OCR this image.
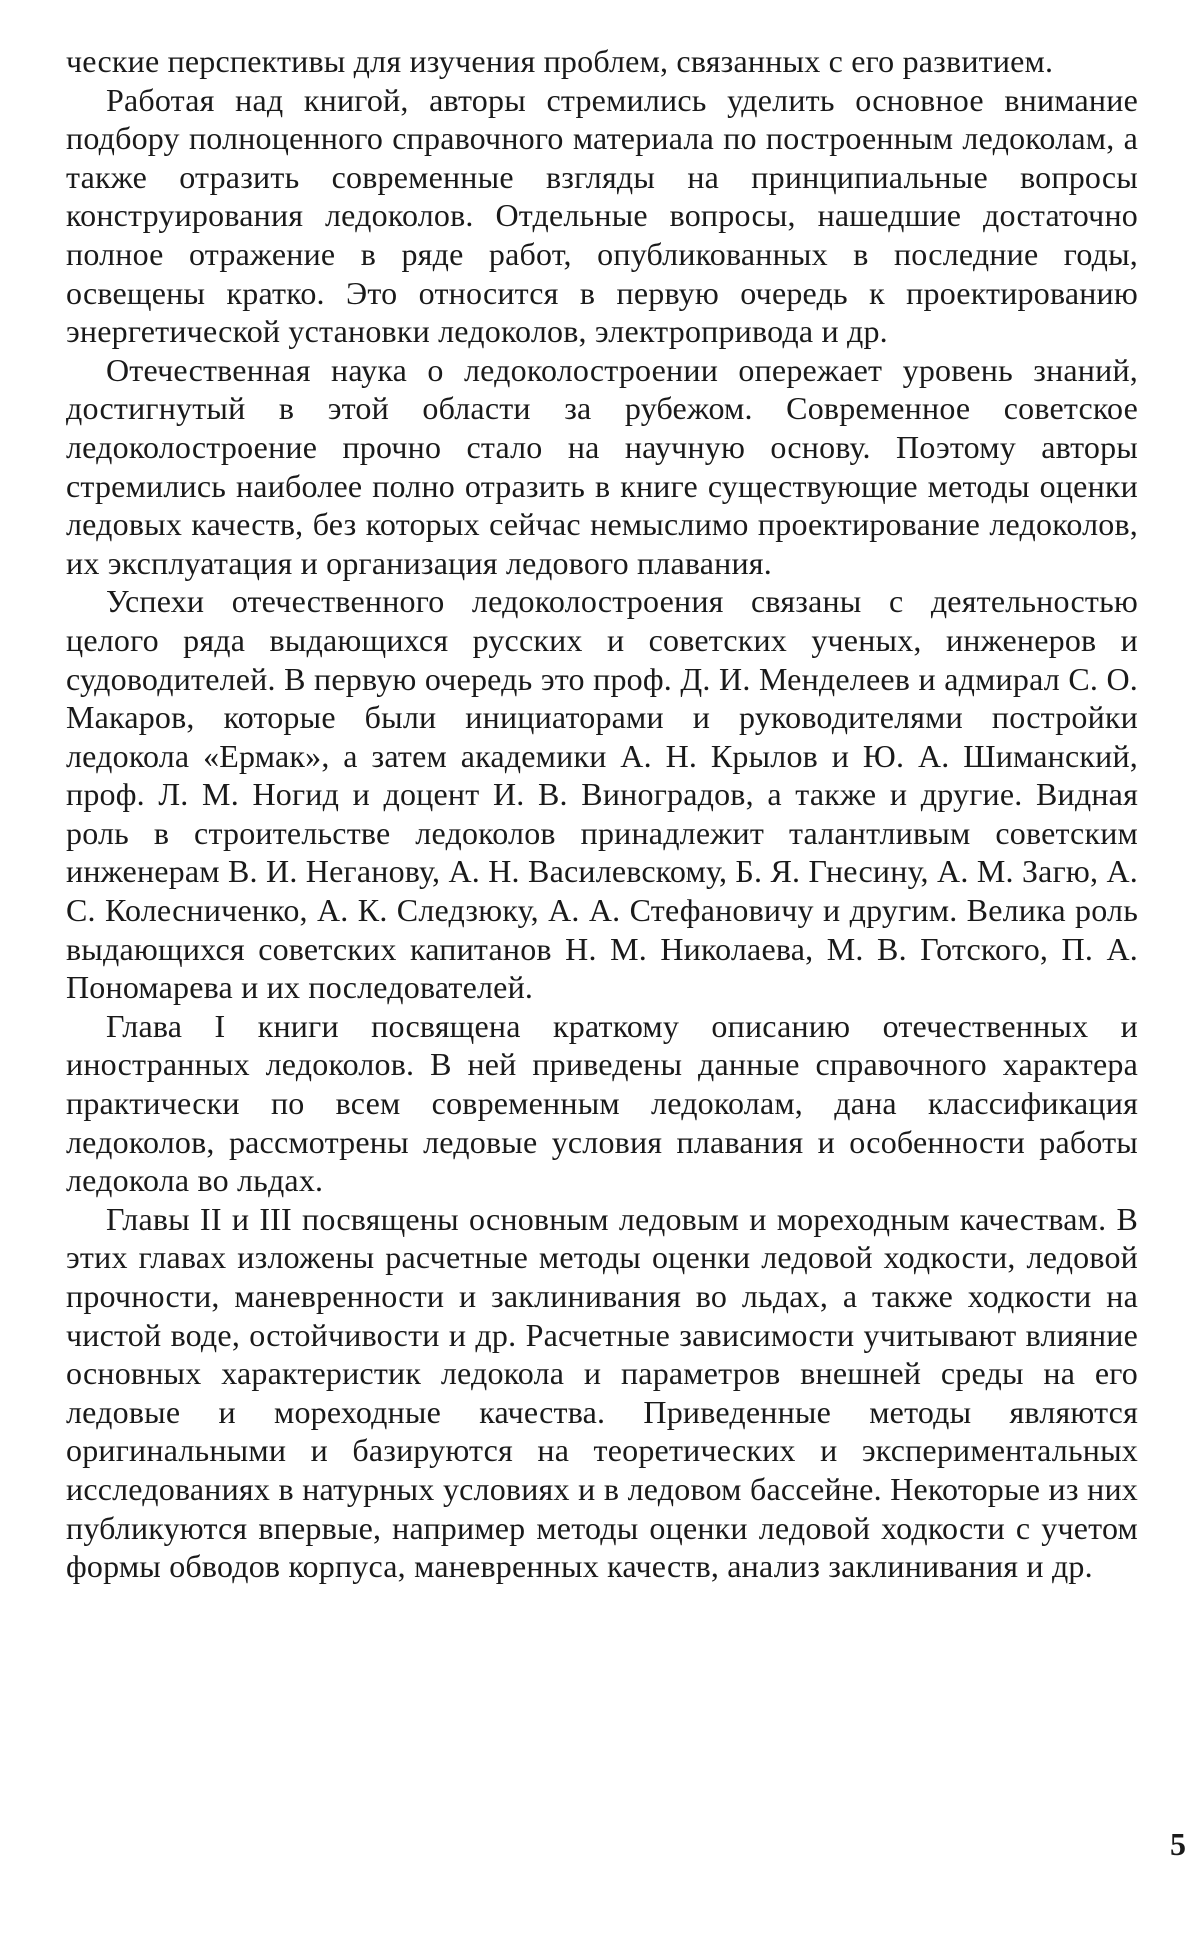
ческие перспективы для изучения проблем, связанных с его развитием.

Работая над книгой, авторы стремились уделить основное внимание подбору полноценного справочного материала по построенным ледоколам, а также отразить современные взгляды на принципиальные вопросы конструирования ледоколов. Отдельные вопросы, нашедшие достаточно полное отражение в ряде работ, опубликованных в последние годы, освещены кратко. Это относится в первую очередь к проектированию энергетической установки ледоколов, электропривода и др.

Отечественная наука о ледоколостроении опережает уровень знаний, достигнутый в этой области за рубежом. Современное советское ледоколостроение прочно стало на научную основу. Поэтому авторы стремились наиболее полно отразить в книге существующие методы оценки ледовых качеств, без которых сейчас немыслимо проектирование ледоколов, их эксплуатация и организация ледового плавания.

Успехи отечественного ледоколостроения связаны с деятельностью целого ряда выдающихся русских и советских ученых, инженеров и судоводителей. В первую очередь это проф. Д. И. Менделеев и адмирал С. О. Макаров, которые были инициаторами и руководителями постройки ледокола «Ермак», а затем академики А. Н. Крылов и Ю. А. Шиманский, проф. Л. М. Ногид и доцент И. В. Виноградов, а также и другие. Видная роль в строительстве ледоколов принадлежит талантливым советским инженерам В. И. Неганову, А. Н. Василевскому, Б. Я. Гнесину, А. М. Загю, А. С. Колесниченко, А. К. Следзюку, А. А. Стефановичу и другим. Велика роль выдающихся советских капитанов Н. М. Николаева, М. В. Готского, П. А. Пономарева и их последователей.

Глава I книги посвящена краткому описанию отечественных и иностранных ледоколов. В ней приведены данные справочного характера практически по всем современным ледоколам, дана классификация ледоколов, рассмотрены ледовые условия плавания и особенности работы ледокола во льдах.

Главы II и III посвящены основным ледовым и мореходным качествам. В этих главах изложены расчетные методы оценки ледовой ходкости, ледовой прочности, маневренности и заклинивания во льдах, а также ходкости на чистой воде, остойчивости и др. Расчетные зависимости учитывают влияние основных характеристик ледокола и параметров внешней среды на его ледовые и мореходные качества. Приведенные методы являются оригинальными и базируются на теоретических и экспериментальных исследованиях в натурных условиях и в ледовом бассейне. Некоторые из них публикуются впервые, например методы оценки ледовой ходкости с учетом формы обводов корпуса, маневренных качеств, анализ заклинивания и др.

5
